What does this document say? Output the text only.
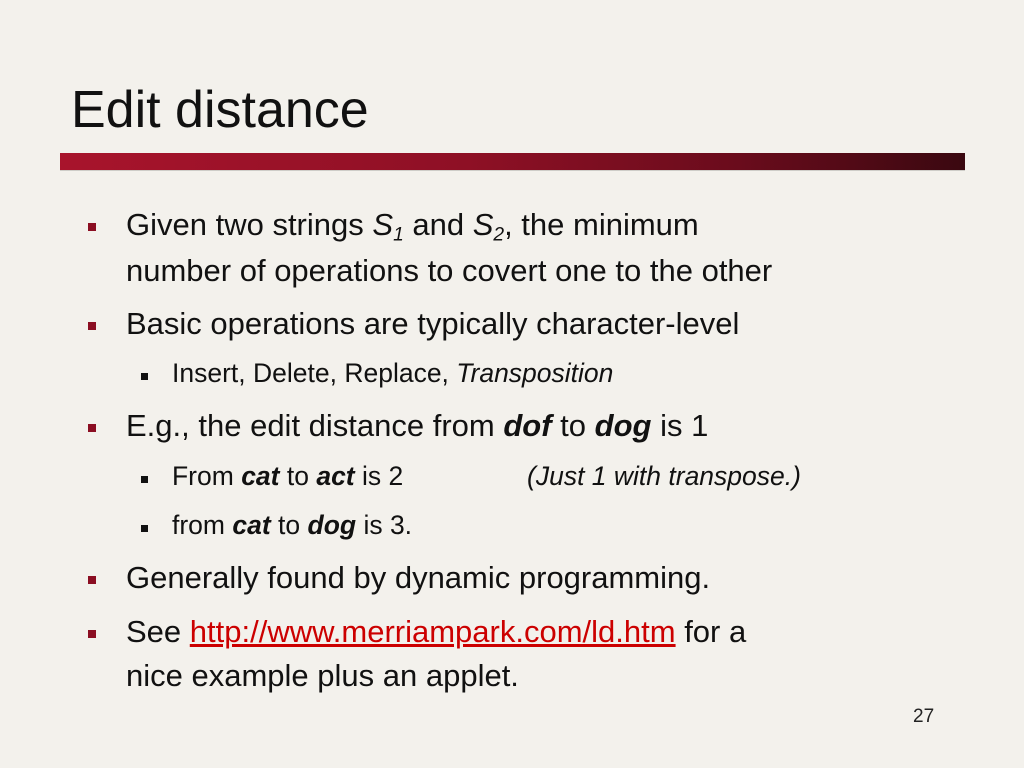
Edit distance
Given two strings $S_1$ and $S_2$, the minimum
number of operations to covert one to the other
Basic operations are typically character-level
Insert, Delete, Replace, Transposition
E.g., the edit distance from dof to dog is 1
From cat to act is 2	(Just 1 with transpose.)
from cat to dog is 3.
Generally found by dynamic programming.
See http://www.merriampark.com/ld.htm for a
nice example plus an applet.
27
